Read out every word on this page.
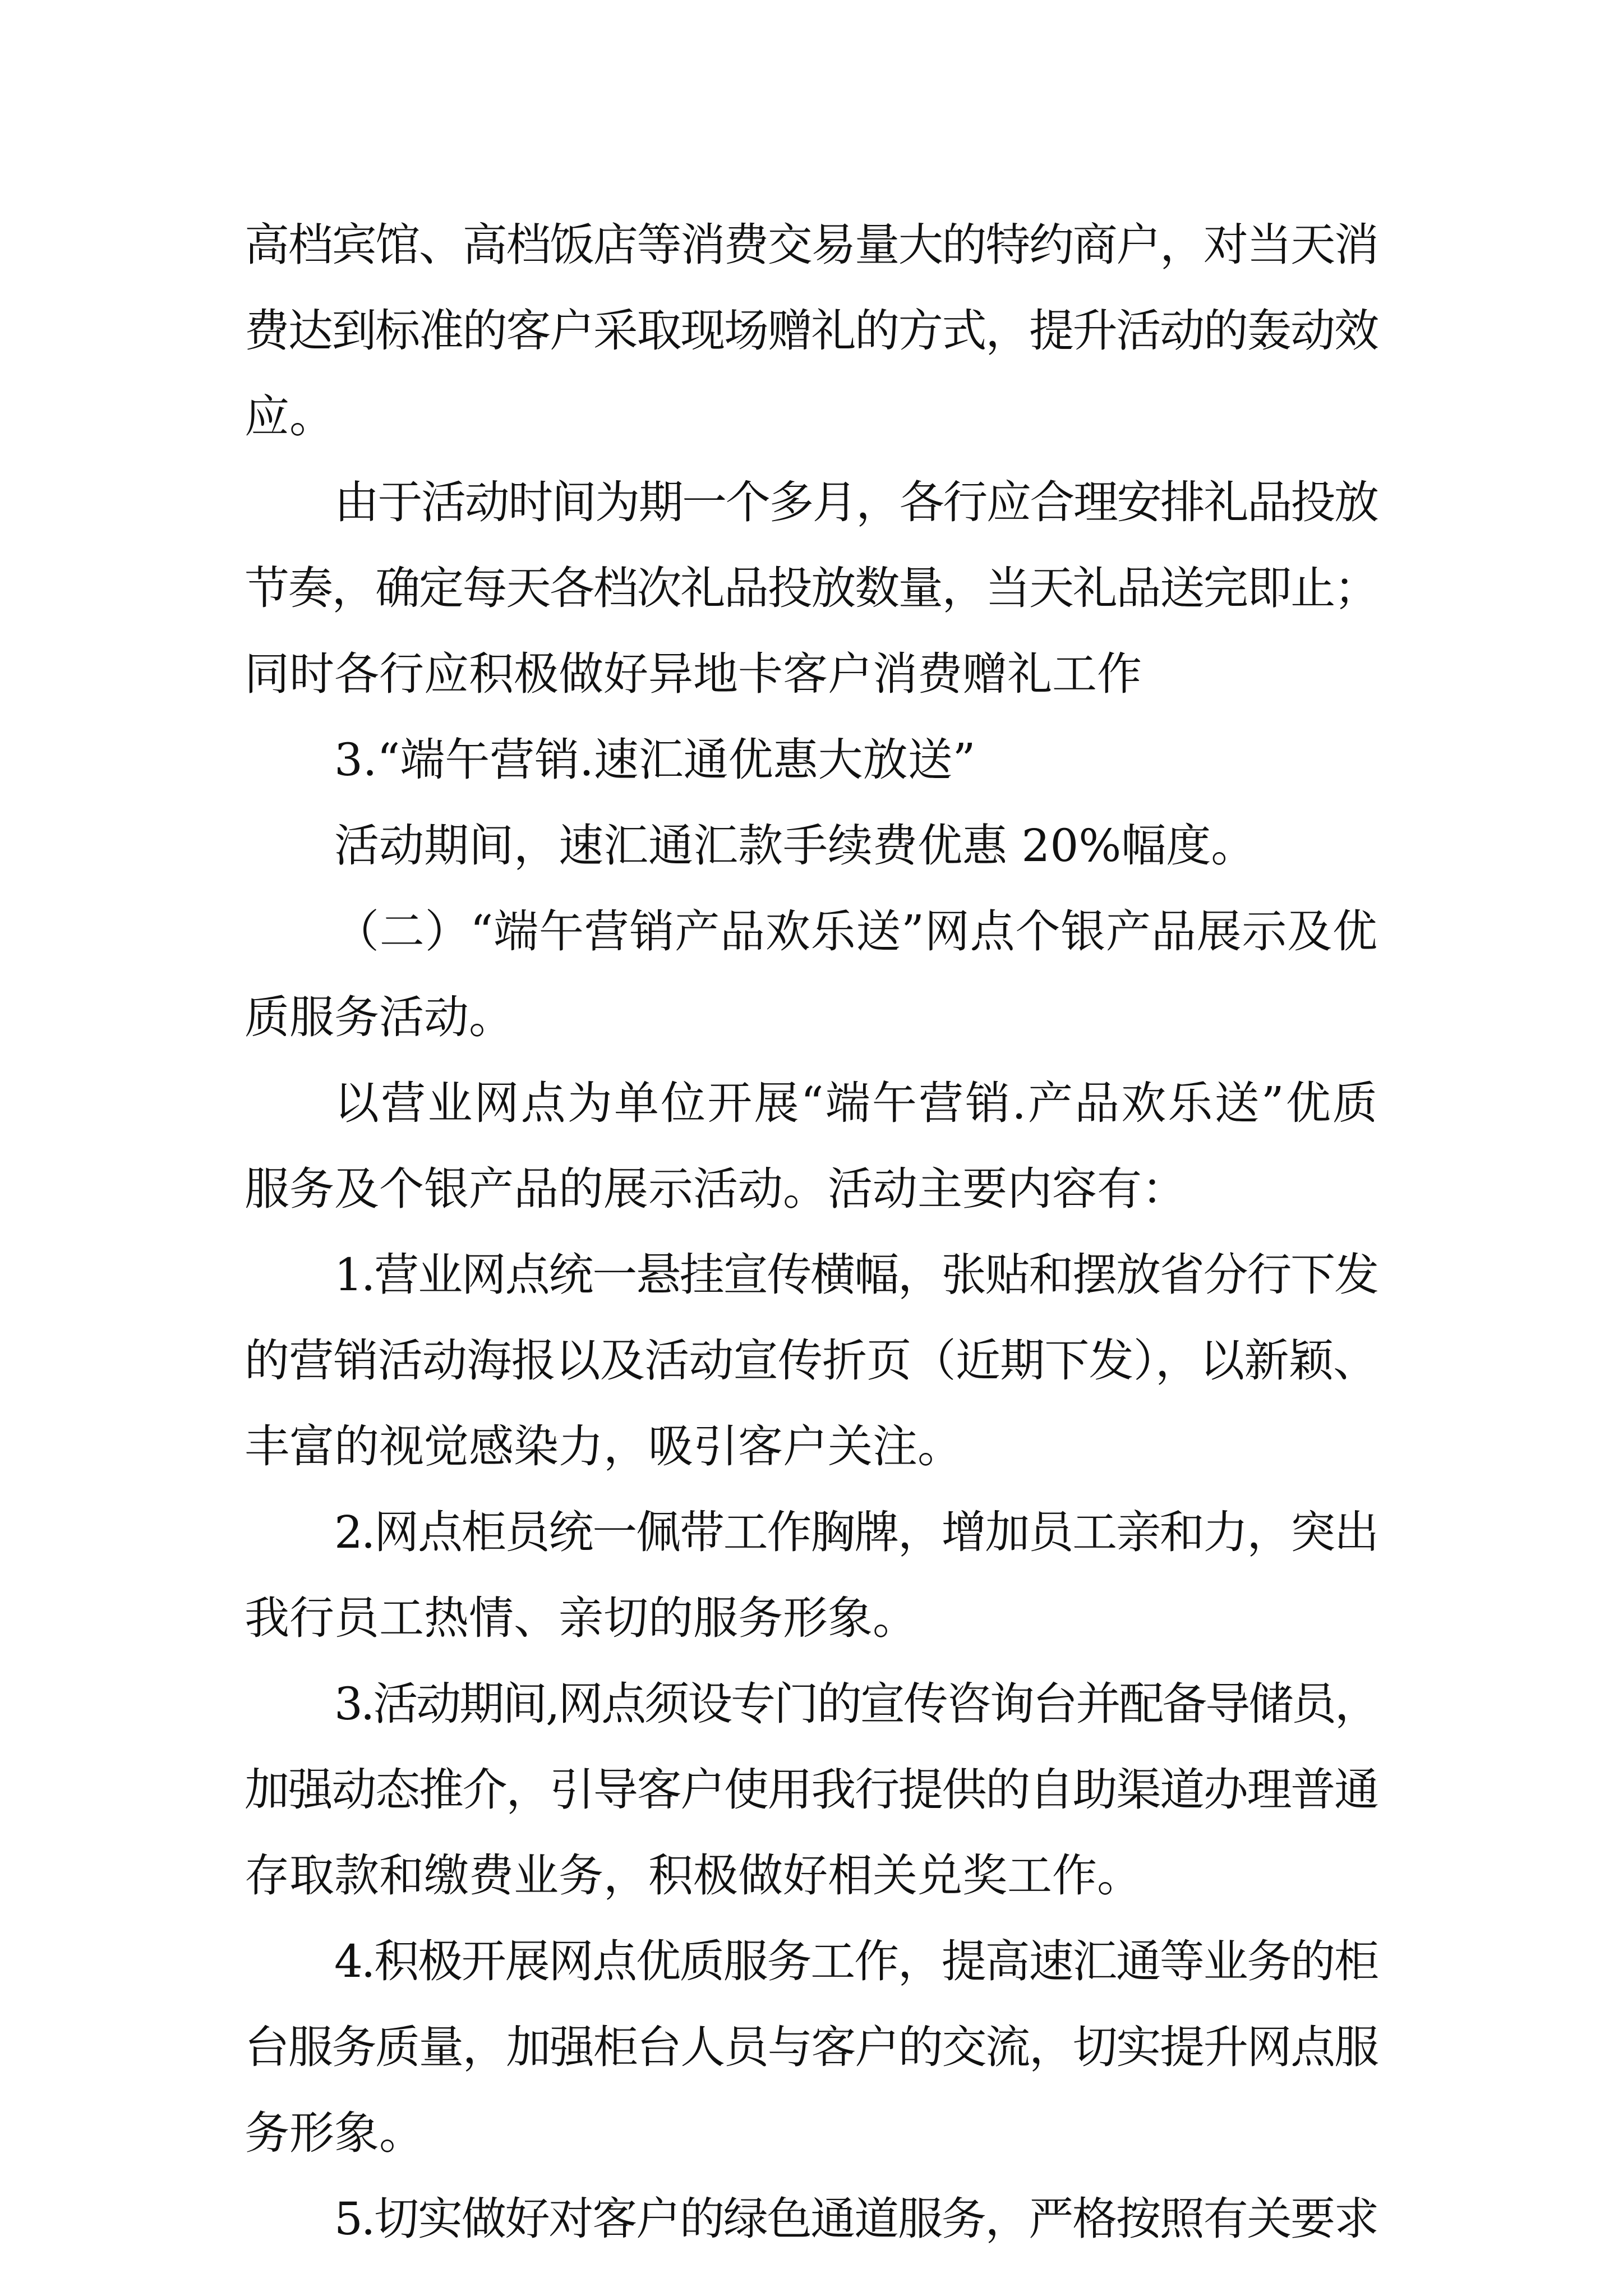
高档宾馆、高档饭店等消费交易量大的特约商户，对当天消
费达到标准的客户采取现场赠礼的方式，提升活动的轰动效
应。
由于活动时间为期一个多月，各行应合理安排礼品投放
节奏，确定每天各档次礼品投放数量，当天礼品送完即止；
同时各行应积极做好异地卡客户消费赠礼工作
3.“端午营销.速汇通优惠大放送”
活动期间，速汇通汇款手续费优惠 20%幅度。
（二）“端午营销产品欢乐送”网点个银产品展示及优
质服务活动。
以营业网点为单位开展“端午营销.产品欢乐送”优质
服务及个银产品的展示活动。活动主要内容有：
1.营业网点统一悬挂宣传横幅，张贴和摆放省分行下发
的营销活动海报以及活动宣传折页（近期下发），以新颖、
丰富的视觉感染力，吸引客户关注。
2.网点柜员统一佩带工作胸牌，增加员工亲和力，突出
我行员工热情、亲切的服务形象。
3.活动期间,网点须设专门的宣传咨询台并配备导储员，
加强动态推介，引导客户使用我行提供的自助渠道办理普通
存取款和缴费业务，积极做好相关兑奖工作。
4.积极开展网点优质服务工作，提高速汇通等业务的柜
台服务质量，加强柜台人员与客户的交流，切实提升网点服
务形象。
5.切实做好对客户的绿色通道服务，严格按照有关要求
